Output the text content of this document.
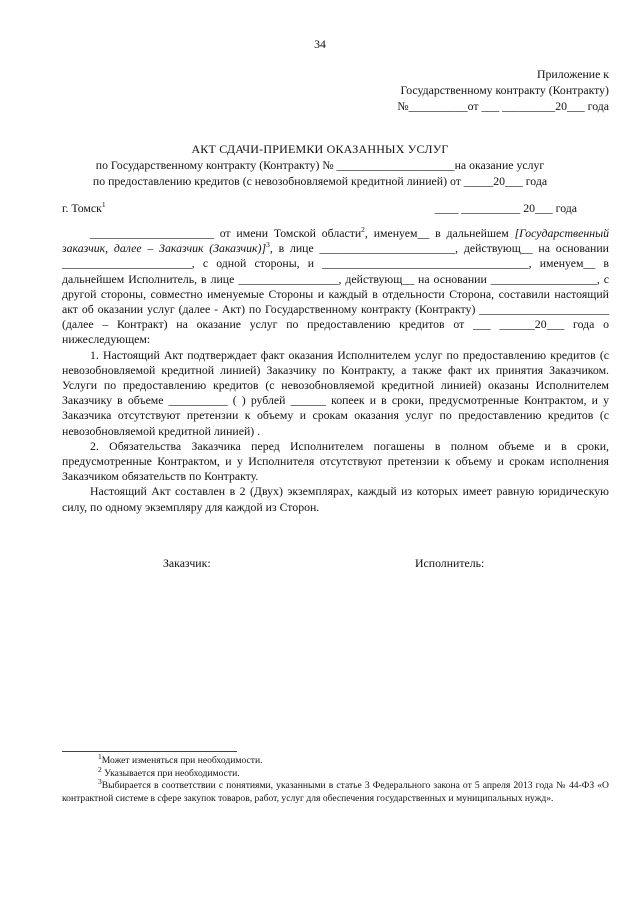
34
Приложение к
Государственному контракту (Контракту)
№__________от ___ _________20___ года
АКТ СДАЧИ-ПРИЕМКИ ОКАЗАННЫХ УСЛУГ
по Государственному контракту (Контракту) № ____________________на оказание услуг
по предоставлению кредитов (с невозобновляемой кредитной линией) от _____20___ года
г. Томск$^1$	____ __________ 20___ года

_____________________ от имени Томской области$^2$, именуем__ в дальнейшем [Государственный заказчик, далее – Заказчик (Заказчик)]$^3$, в лице _______________________, действующ__ на основании ______________________, с одной стороны, и ___________________________________, именуем__ в дальнейшем Исполнитель, в лице _________________, действующ__ на основании __________________, с другой стороны, совместно именуемые Стороны и каждый в отдельности Сторона, составили настоящий акт об оказании услуг (далее - Акт) по Государственному контракту (Контракту) ______________________ (далее – Контракт) на оказание услуг по предоставлению кредитов от ___ ______20___ года о нижеследующем:

1. Настоящий Акт подтверждает факт оказания Исполнителем услуг по предоставлению кредитов (с невозобновляемой кредитной линией) Заказчику по Контракту, а также факт их принятия Заказчиком. Услуги по предоставлению кредитов (с невозобновляемой кредитной линией) оказаны Исполнителем Заказчику в объеме __________ ( ) рублей ______ копеек и в сроки, предусмотренные Контрактом, и у Заказчика отсутствуют претензии к объему и срокам оказания услуг по предоставлению кредитов (с невозобновляемой кредитной линией) .

2. Обязательства Заказчика перед Исполнителем погашены в полном объеме и в сроки, предусмотренные Контрактом, и у Исполнителя отсутствуют претензии к объему и срокам исполнения Заказчиком обязательств по Контракту.

Настоящий Акт составлен в 2 (Двух) экземплярах, каждый из которых имеет равную юридическую силу, по одному экземпляру для каждой из Сторон.

Заказчик:	Исполнитель:

$^1$Может изменяться при необходимости.

$^2$ Указывается при необходимости.

$^3$Выбирается в соответствии с понятиями, указанными в статье 3 Федерального закона от 5 апреля 2013 года № 44-ФЗ «О контрактной системе в сфере закупок товаров, работ, услуг для обеспечения государственных и муниципальных нужд».
